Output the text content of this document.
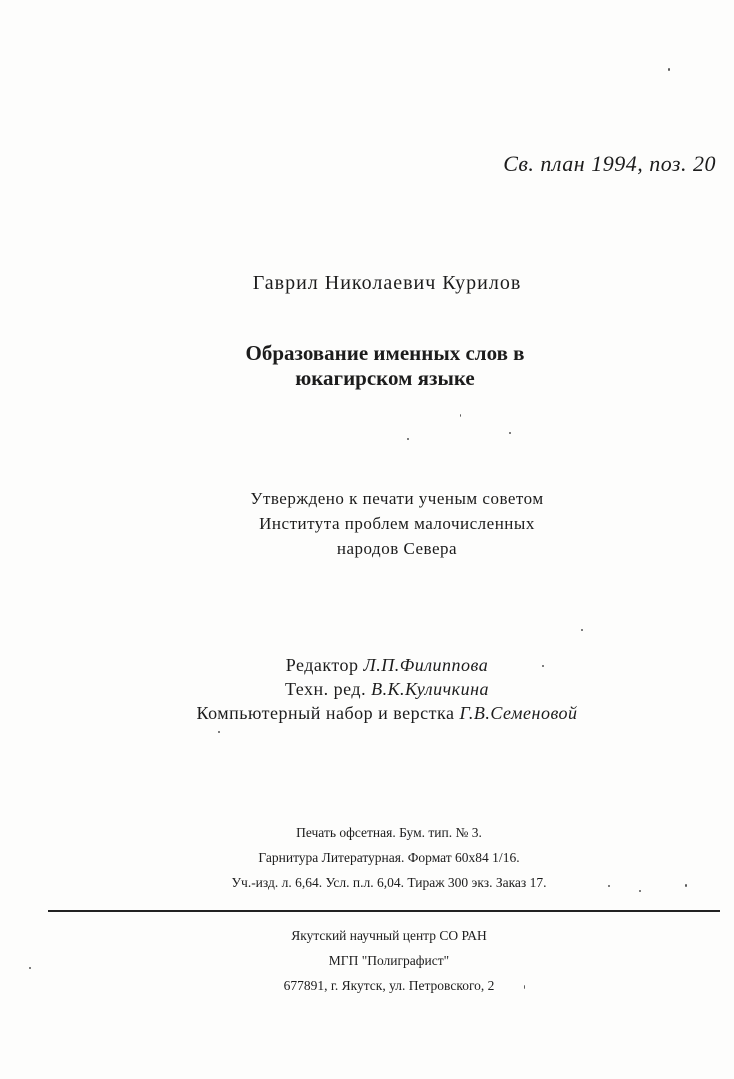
Св. план 1994, поз. 20
Гаврил Николаевич Курилов
Образование именных слов в
юкагирском языке
Утверждено к печати ученым советом
Института проблем малочисленных
народов Севера
Редактор Л.П.Филиппова
Техн. ред. В.К.Куличкина
Компьютерный набор и верстка Г.В.Семеновой
Печать офсетная. Бум. тип. № 3.
Гарнитура Литературная. Формат 60х84 1/16.
Уч.-изд. л. 6,64. Усл. п.л. 6,04. Тираж 300 экз. Заказ 17.
Якутский научный центр СО РАН
МГП "Полиграфист"
677891, г. Якутск, ул. Петровского, 2
